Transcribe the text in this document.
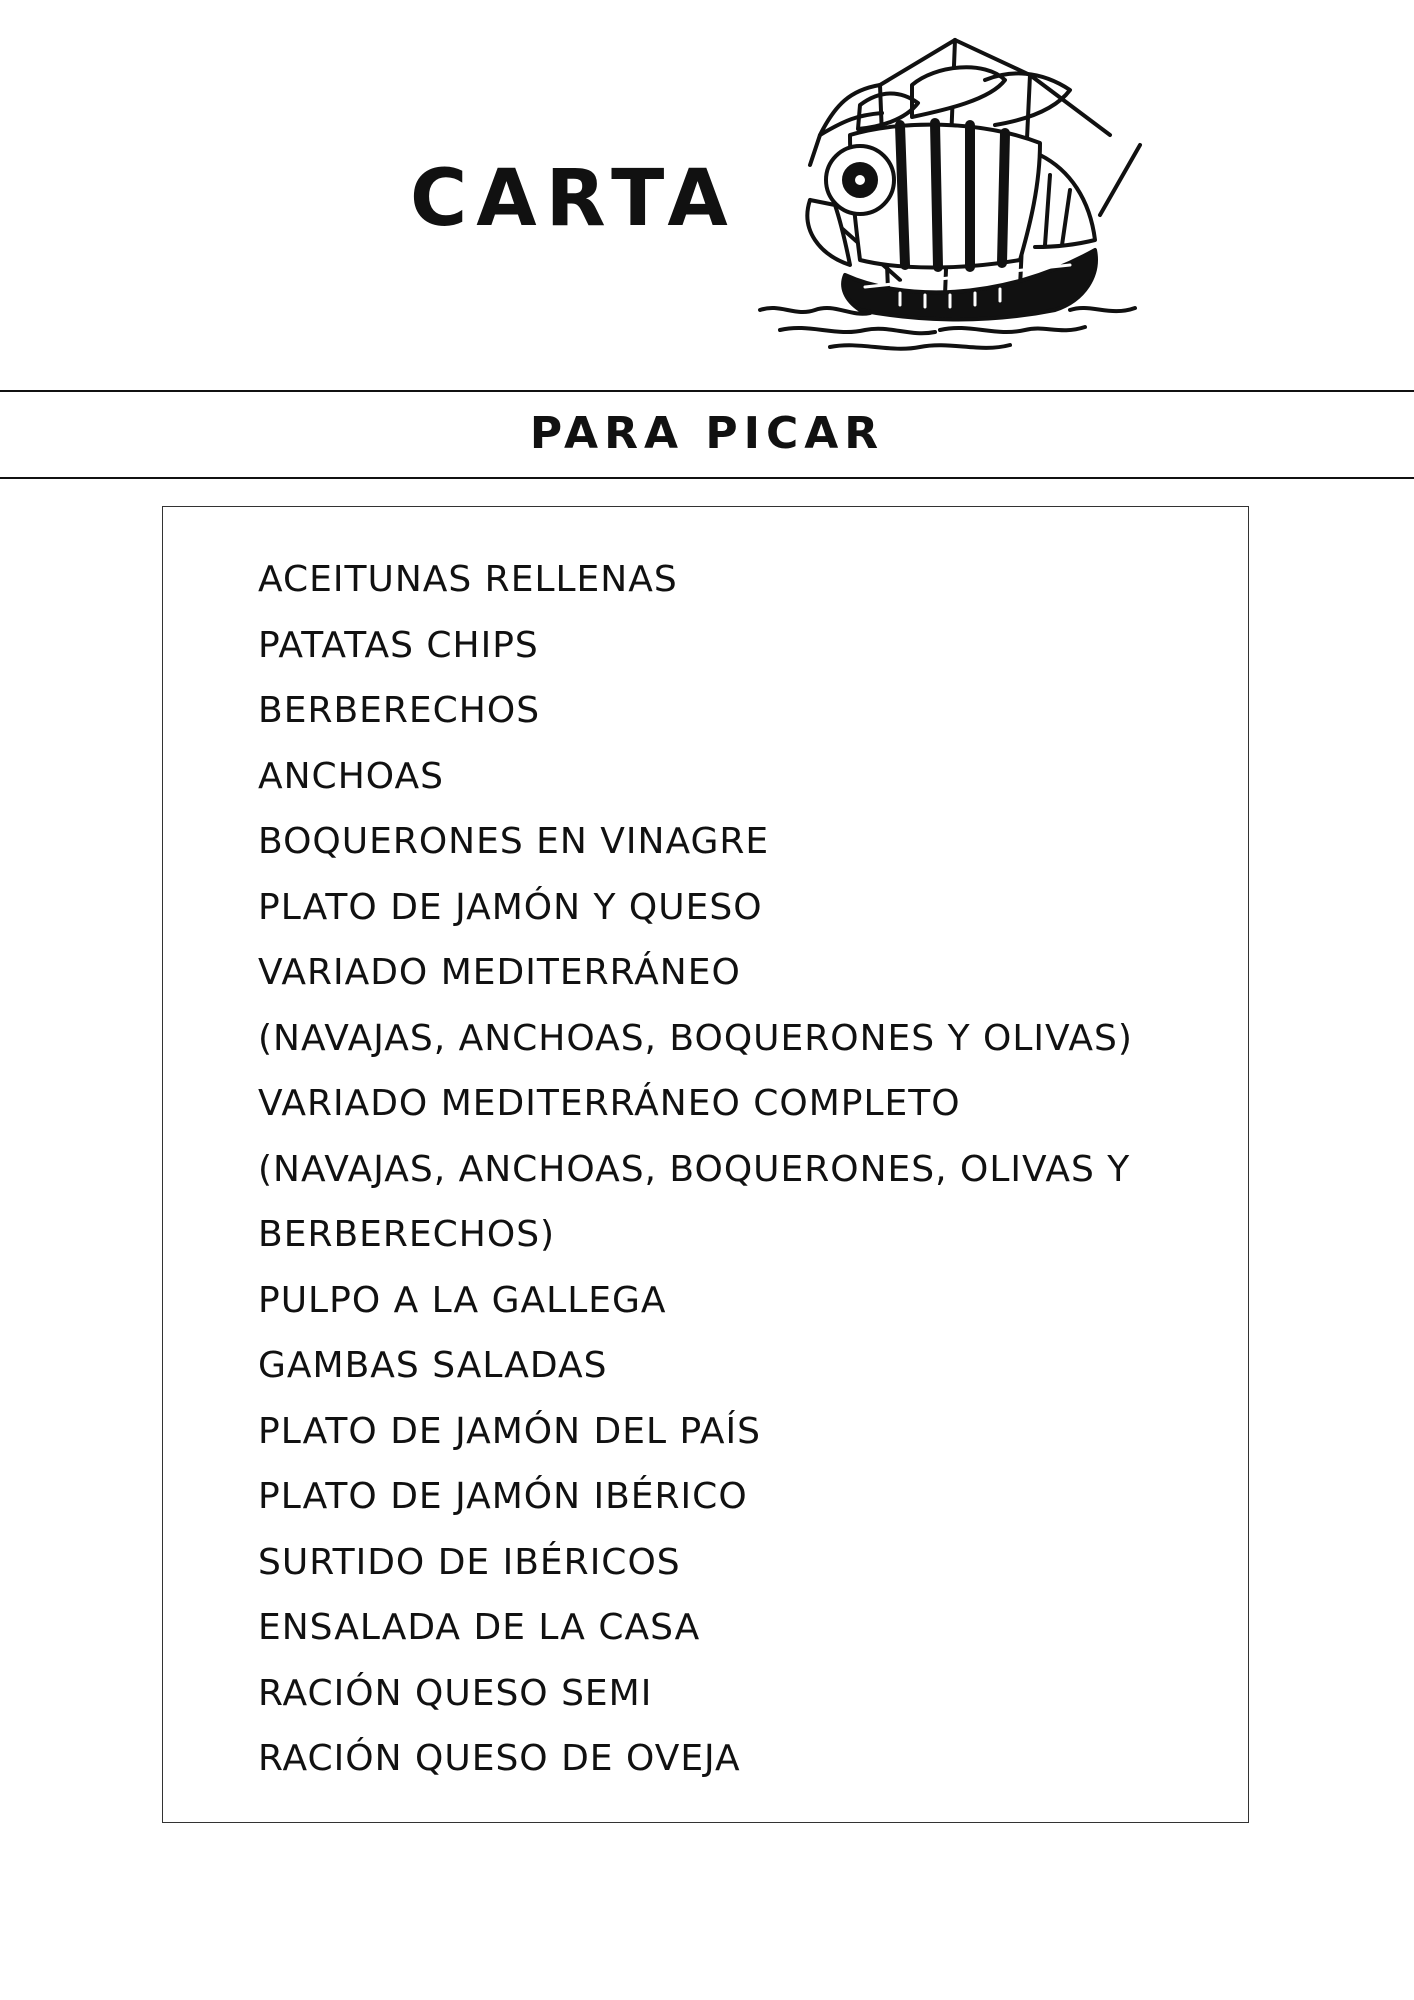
CARTA
PARA PICAR
ACEITUNAS RELLENAS
PATATAS CHIPS
BERBERECHOS
ANCHOAS
BOQUERONES EN VINAGRE
PLATO DE JAMÓN Y QUESO
VARIADO MEDITERRÁNEO
(NAVAJAS, ANCHOAS, BOQUERONES Y OLIVAS)
VARIADO MEDITERRÁNEO COMPLETO
(NAVAJAS, ANCHOAS, BOQUERONES, OLIVAS Y
BERBERECHOS)
PULPO A LA GALLEGA
GAMBAS SALADAS
PLATO DE JAMÓN DEL PAÍS
PLATO DE JAMÓN IBÉRICO
SURTIDO DE IBÉRICOS
ENSALADA DE LA CASA
RACIÓN QUESO SEMI
RACIÓN QUESO DE OVEJA
